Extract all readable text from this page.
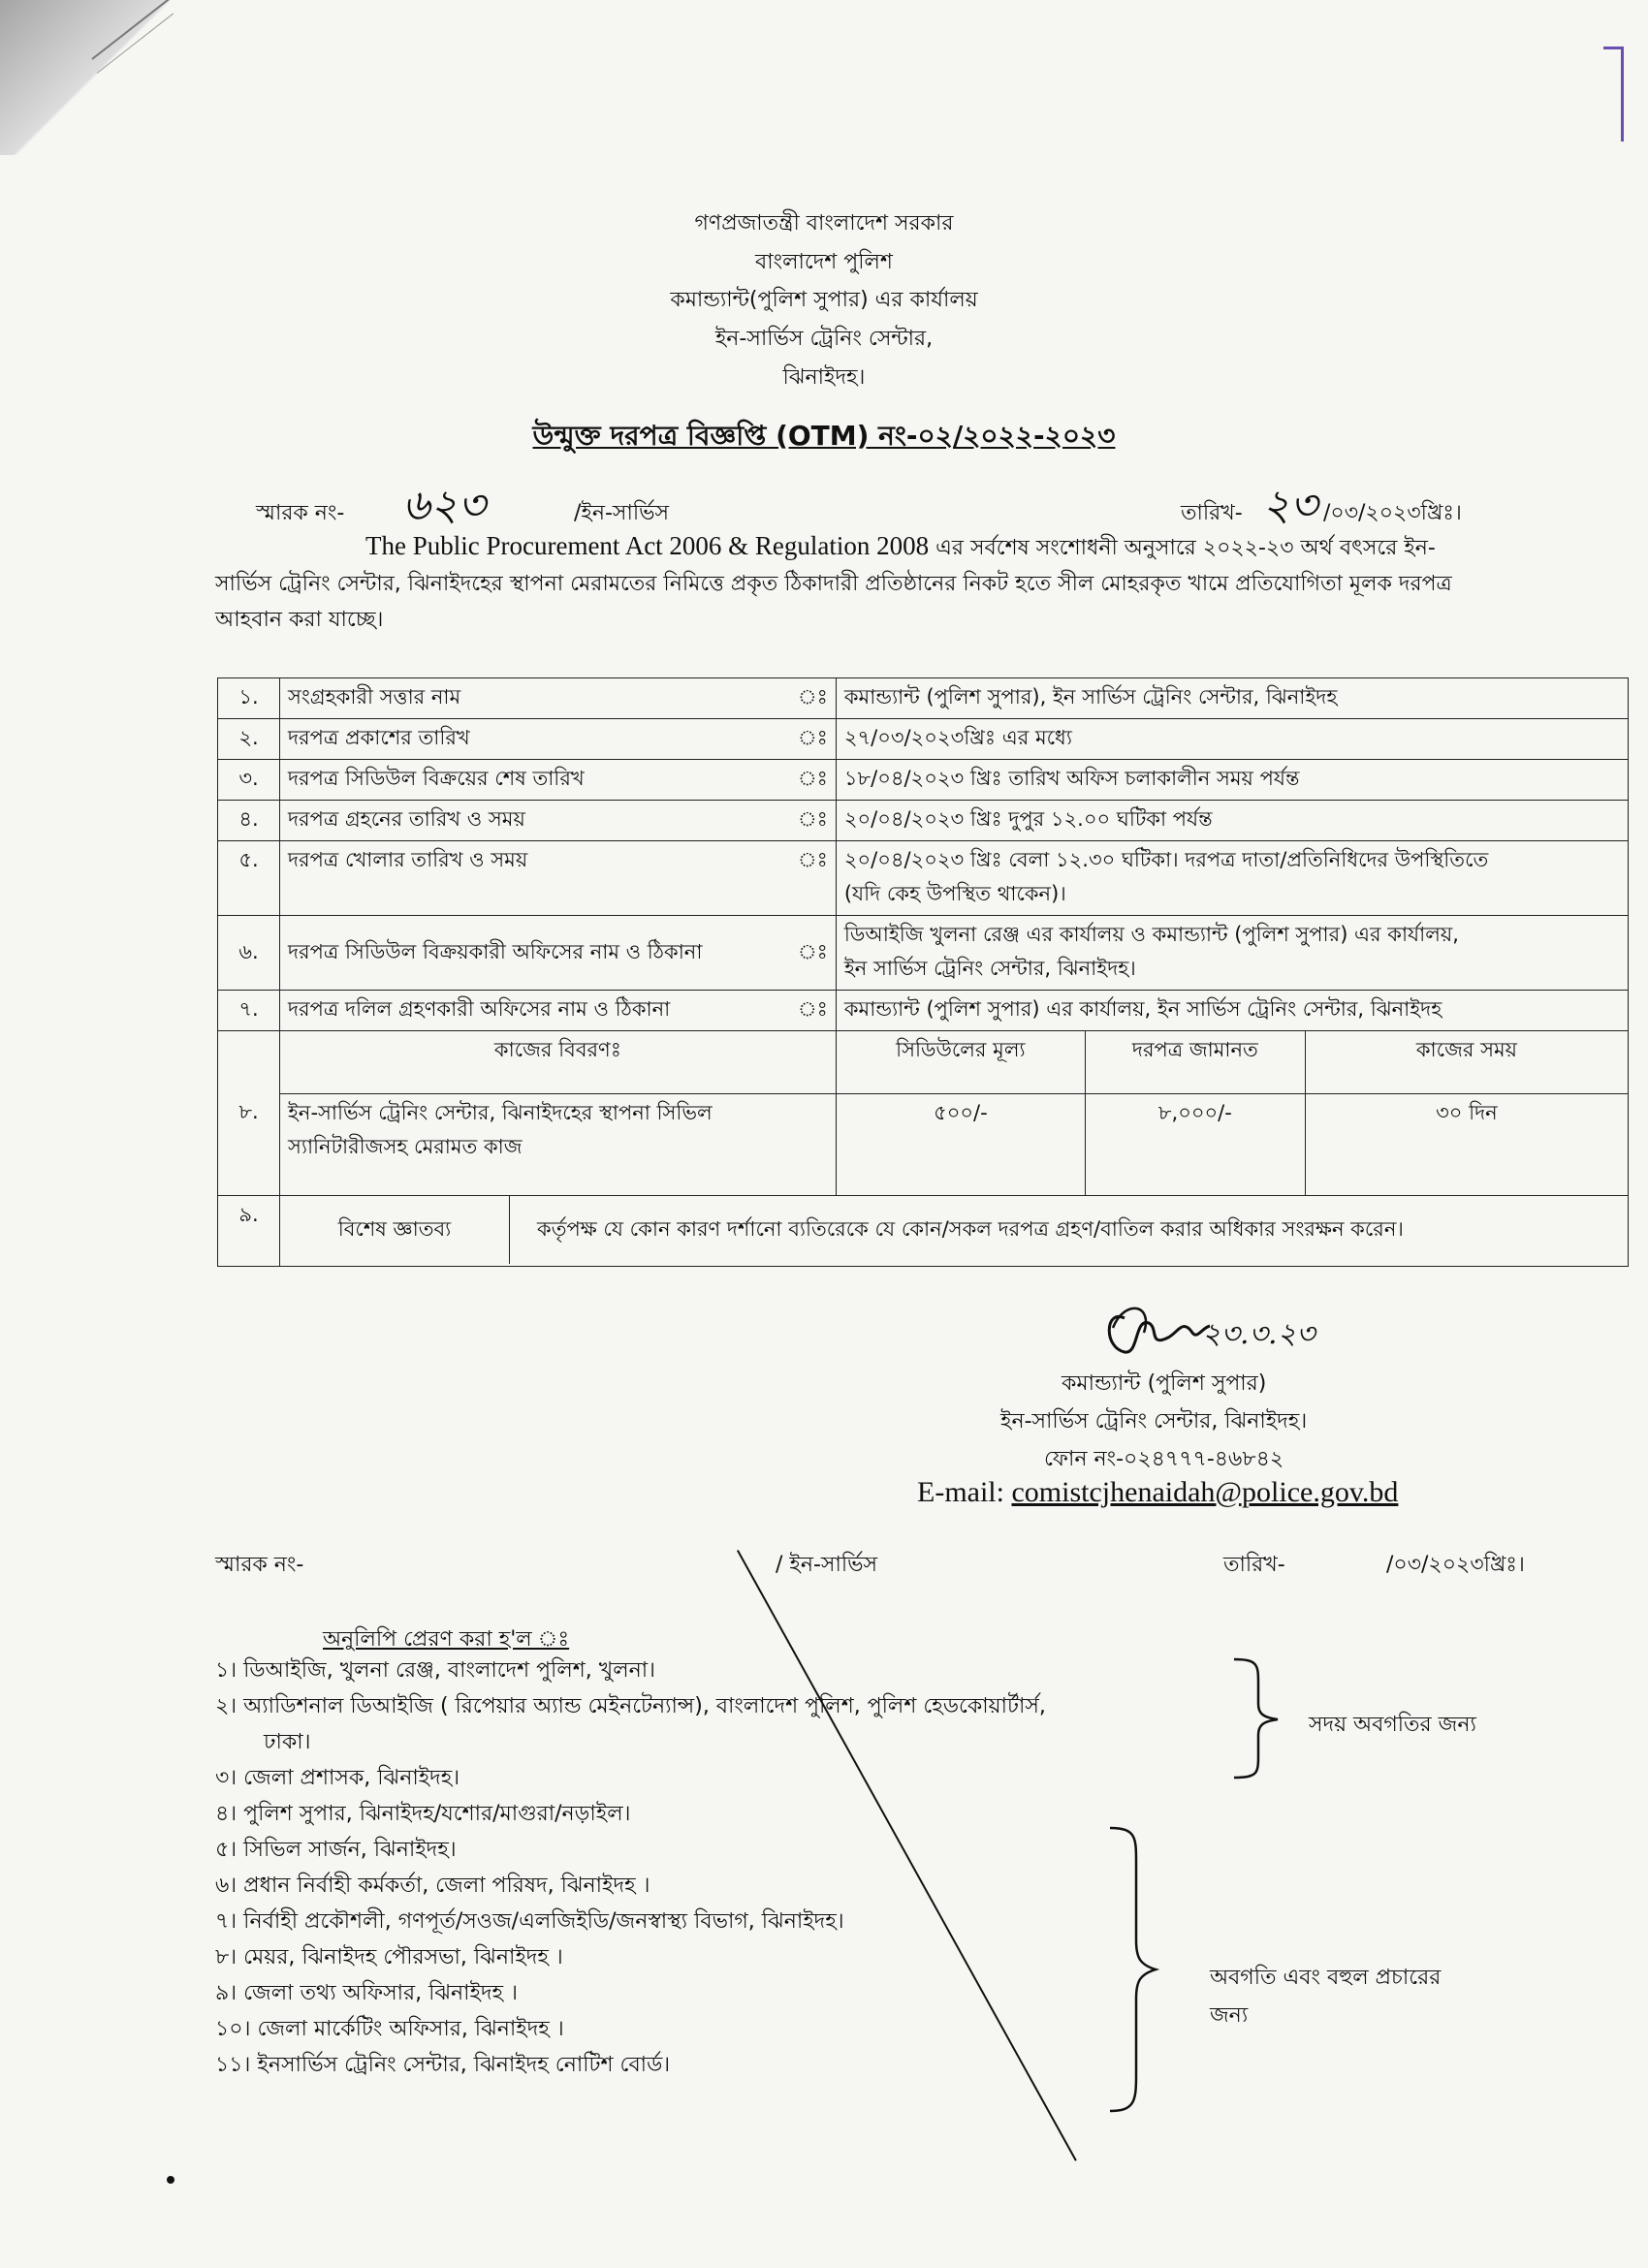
গণপ্রজাতন্ত্রী বাংলাদেশ সরকার
বাংলাদেশ পুলিশ
কমান্ড্যান্ট(পুলিশ সুপার) এর কার্যালয়
ইন-সার্ভিস ট্রেনিং সেন্টার,
ঝিনাইদহ।
উন্মুক্ত দরপত্র বিজ্ঞপ্তি (OTM) নং-০২/২০২২-২০২৩
স্মারক নং- ৬২৩	/ইন-সার্ভিস	তারিখ- ২৩ /০৩/২০২৩খ্রিঃ।
The Public Procurement Act 2006 & Regulation 2008 এর সর্বশেষ সংশোধনী অনুসারে ২০২২-২৩ অর্থ বৎসরে ইন-
সার্ভিস ট্রেনিং সেন্টার, ঝিনাইদহের স্থাপনা মেরামতের নিমিত্তে প্রকৃত ঠিকাদারী প্রতিষ্ঠানের নিকট হতে সীল মোহরকৃত খামে প্রতিযোগিতা মূলক দরপত্র
আহবান করা যাচ্ছে।
১.	সংগ্রহকারী সত্তার নাম	ঃ	কমান্ড্যান্ট (পুলিশ সুপার), ইন সার্ভিস ট্রেনিং সেন্টার, ঝিনাইদহ
২.	দরপত্র প্রকাশের তারিখ	ঃ	২৭/০৩/২০২৩খ্রিঃ এর মধ্যে
৩.	দরপত্র সিডিউল বিক্রয়ের শেষ তারিখ	ঃ	১৮/০৪/২০২৩ খ্রিঃ তারিখ অফিস চলাকালীন সময় পর্যন্ত
৪.	দরপত্র গ্রহনের তারিখ ও সময়	ঃ	২০/০৪/২০২৩ খ্রিঃ দুপুর ১২.০০ ঘটিকা পর্যন্ত
৫.	দরপত্র খোলার তারিখ ও সময়	ঃ	২০/০৪/২০২৩ খ্রিঃ বেলা ১২.৩০ ঘটিকা। দরপত্র দাতা/প্রতিনিধিদের উপস্থিতিতে
(যদি কেহ উপস্থিত থাকেন)।

৬.	দরপত্র সিডিউল বিক্রয়কারী অফিসের নাম ও ঠিকানা	ঃ	
ডিআইজি খুলনা রেঞ্জ এর কার্যালয় ও কমান্ড্যান্ট (পুলিশ সুপার) এর কার্যালয়,
ইন সার্ভিস ট্রেনিং সেন্টার, ঝিনাইদহ।

৭.	দরপত্র দলিল গ্রহণকারী অফিসের নাম ও ঠিকানা	ঃ	কমান্ড্যান্ট (পুলিশ সুপার) এর কার্যালয়, ইন সার্ভিস ট্রেনিং সেন্টার, ঝিনাইদহ
৮.	কাজের বিবরণঃ	সিডিউলের মূল্য	দরপত্র জামানত	কাজের সময়

ইন-সার্ভিস ট্রেনিং সেন্টার, ঝিনাইদহের স্থাপনা সিভিল
স্যানিটারীজসহ মেরামত কাজ
	৫০০/-	৮,০০০/-	৩০ দিন
৯.	
বিশেষ জ্ঞাতব্য	কর্তৃপক্ষ যে কোন কারণ দর্শানো ব্যতিরেকে যে কোন/সকল দরপত্র গ্রহণ/বাতিল করার অধিকার সংরক্ষন করেন।
২৩.৩.২৩
কমান্ড্যান্ট (পুলিশ সুপার)
ইন-সার্ভিস ট্রেনিং সেন্টার, ঝিনাইদহ।
ফোন নং-০২৪৭৭৭-৪৬৮৪২
E-mail: comistcjhenaidah@police.gov.bd
স্মারক নং-	/ ইন-সার্ভিস	তারিখ-	/০৩/২০২৩খ্রিঃ।
অনুলিপি প্রেরণ করা হ'ল ঃ
১। ডিআইজি, খুলনা রেঞ্জ, বাংলাদেশ পুলিশ, খুলনা।
২। অ্যাডিশনাল ডিআইজি ( রিপেয়ার অ্যান্ড মেইনটেন্যান্স), বাংলাদেশ পুলিশ, পুলিশ হেডকোয়ার্টার্স,
ঢাকা।
৩। জেলা প্রশাসক, ঝিনাইদহ।
৪। পুলিশ সুপার, ঝিনাইদহ/যশোর/মাগুরা/নড়াইল।
৫। সিভিল সার্জন, ঝিনাইদহ।
৬। প্রধান নির্বাহী কর্মকর্তা, জেলা পরিষদ, ঝিনাইদহ ।
৭। নির্বাহী প্রকৌশলী, গণপূর্ত/সওজ/এলজিইডি/জনস্বাস্থ্য বিভাগ, ঝিনাইদহ।
৮। মেয়র, ঝিনাইদহ পৌরসভা, ঝিনাইদহ ।
৯। জেলা তথ্য অফিসার, ঝিনাইদহ ।
১০। জেলা মার্কেটিং অফিসার, ঝিনাইদহ ।
১১। ইনসার্ভিস ট্রেনিং সেন্টার, ঝিনাইদহ নোটিশ বোর্ড।
সদয় অবগতির জন্য
অবগতি এবং বহুল প্রচারের
জন্য
